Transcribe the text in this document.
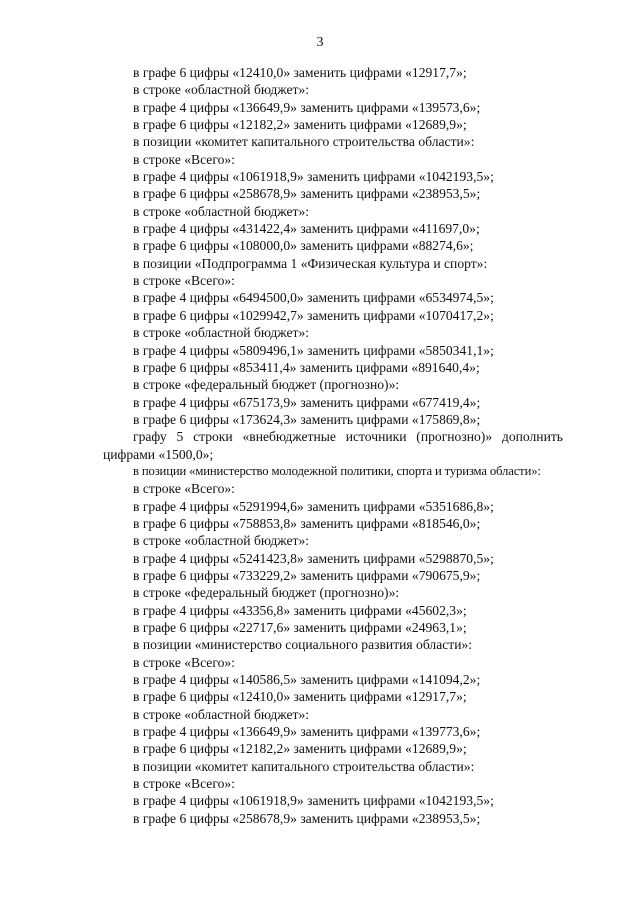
3
в графе 6 цифры «12410,0» заменить цифрами «12917,7»;
в строке «областной бюджет»:
в графе 4 цифры «136649,9» заменить цифрами «139573,6»;
в графе 6 цифры «12182,2» заменить цифрами «12689,9»;
в позиции «комитет капитального строительства области»:
в строке «Всего»:
в графе 4 цифры «1061918,9» заменить цифрами «1042193,5»;
в графе 6 цифры «258678,9» заменить цифрами «238953,5»;
в строке «областной бюджет»:
в графе 4 цифры «431422,4» заменить цифрами «411697,0»;
в графе 6 цифры «108000,0» заменить цифрами «88274,6»;
в позиции «Подпрограмма 1 «Физическая культура и спорт»:
в строке «Всего»:
в графе 4 цифры «6494500,0» заменить цифрами «6534974,5»;
в графе 6 цифры «1029942,7» заменить цифрами «1070417,2»;
в строке «областной бюджет»:
в графе 4 цифры «5809496,1» заменить цифрами «5850341,1»;
в графе 6 цифры «853411,4» заменить цифрами «891640,4»;
в строке «федеральный бюджет (прогнозно)»:
в графе 4 цифры «675173,9» заменить цифрами «677419,4»;
в графе 6 цифры «173624,3» заменить цифрами «175869,8»;
графу 5 строки «внебюджетные источники (прогнозно)» дополнить
цифрами «1500,0»;
в позиции «министерство молодежной политики, спорта и туризма области»:
в строке «Всего»:
в графе 4 цифры «5291994,6» заменить цифрами «5351686,8»;
в графе 6 цифры «758853,8» заменить цифрами «818546,0»;
в строке «областной бюджет»:
в графе 4 цифры «5241423,8» заменить цифрами «5298870,5»;
в графе 6 цифры «733229,2» заменить цифрами «790675,9»;
в строке «федеральный бюджет (прогнозно)»:
в графе 4 цифры «43356,8» заменить цифрами «45602,3»;
в графе 6 цифры «22717,6» заменить цифрами «24963,1»;
в позиции «министерство социального развития области»:
в строке «Всего»:
в графе 4 цифры «140586,5» заменить цифрами «141094,2»;
в графе 6 цифры «12410,0» заменить цифрами «12917,7»;
в строке «областной бюджет»:
в графе 4 цифры «136649,9» заменить цифрами «139773,6»;
в графе 6 цифры «12182,2» заменить цифрами «12689,9»;
в позиции «комитет капитального строительства области»:
в строке «Всего»:
в графе 4 цифры «1061918,9» заменить цифрами «1042193,5»;
в графе 6 цифры «258678,9» заменить цифрами «238953,5»;
